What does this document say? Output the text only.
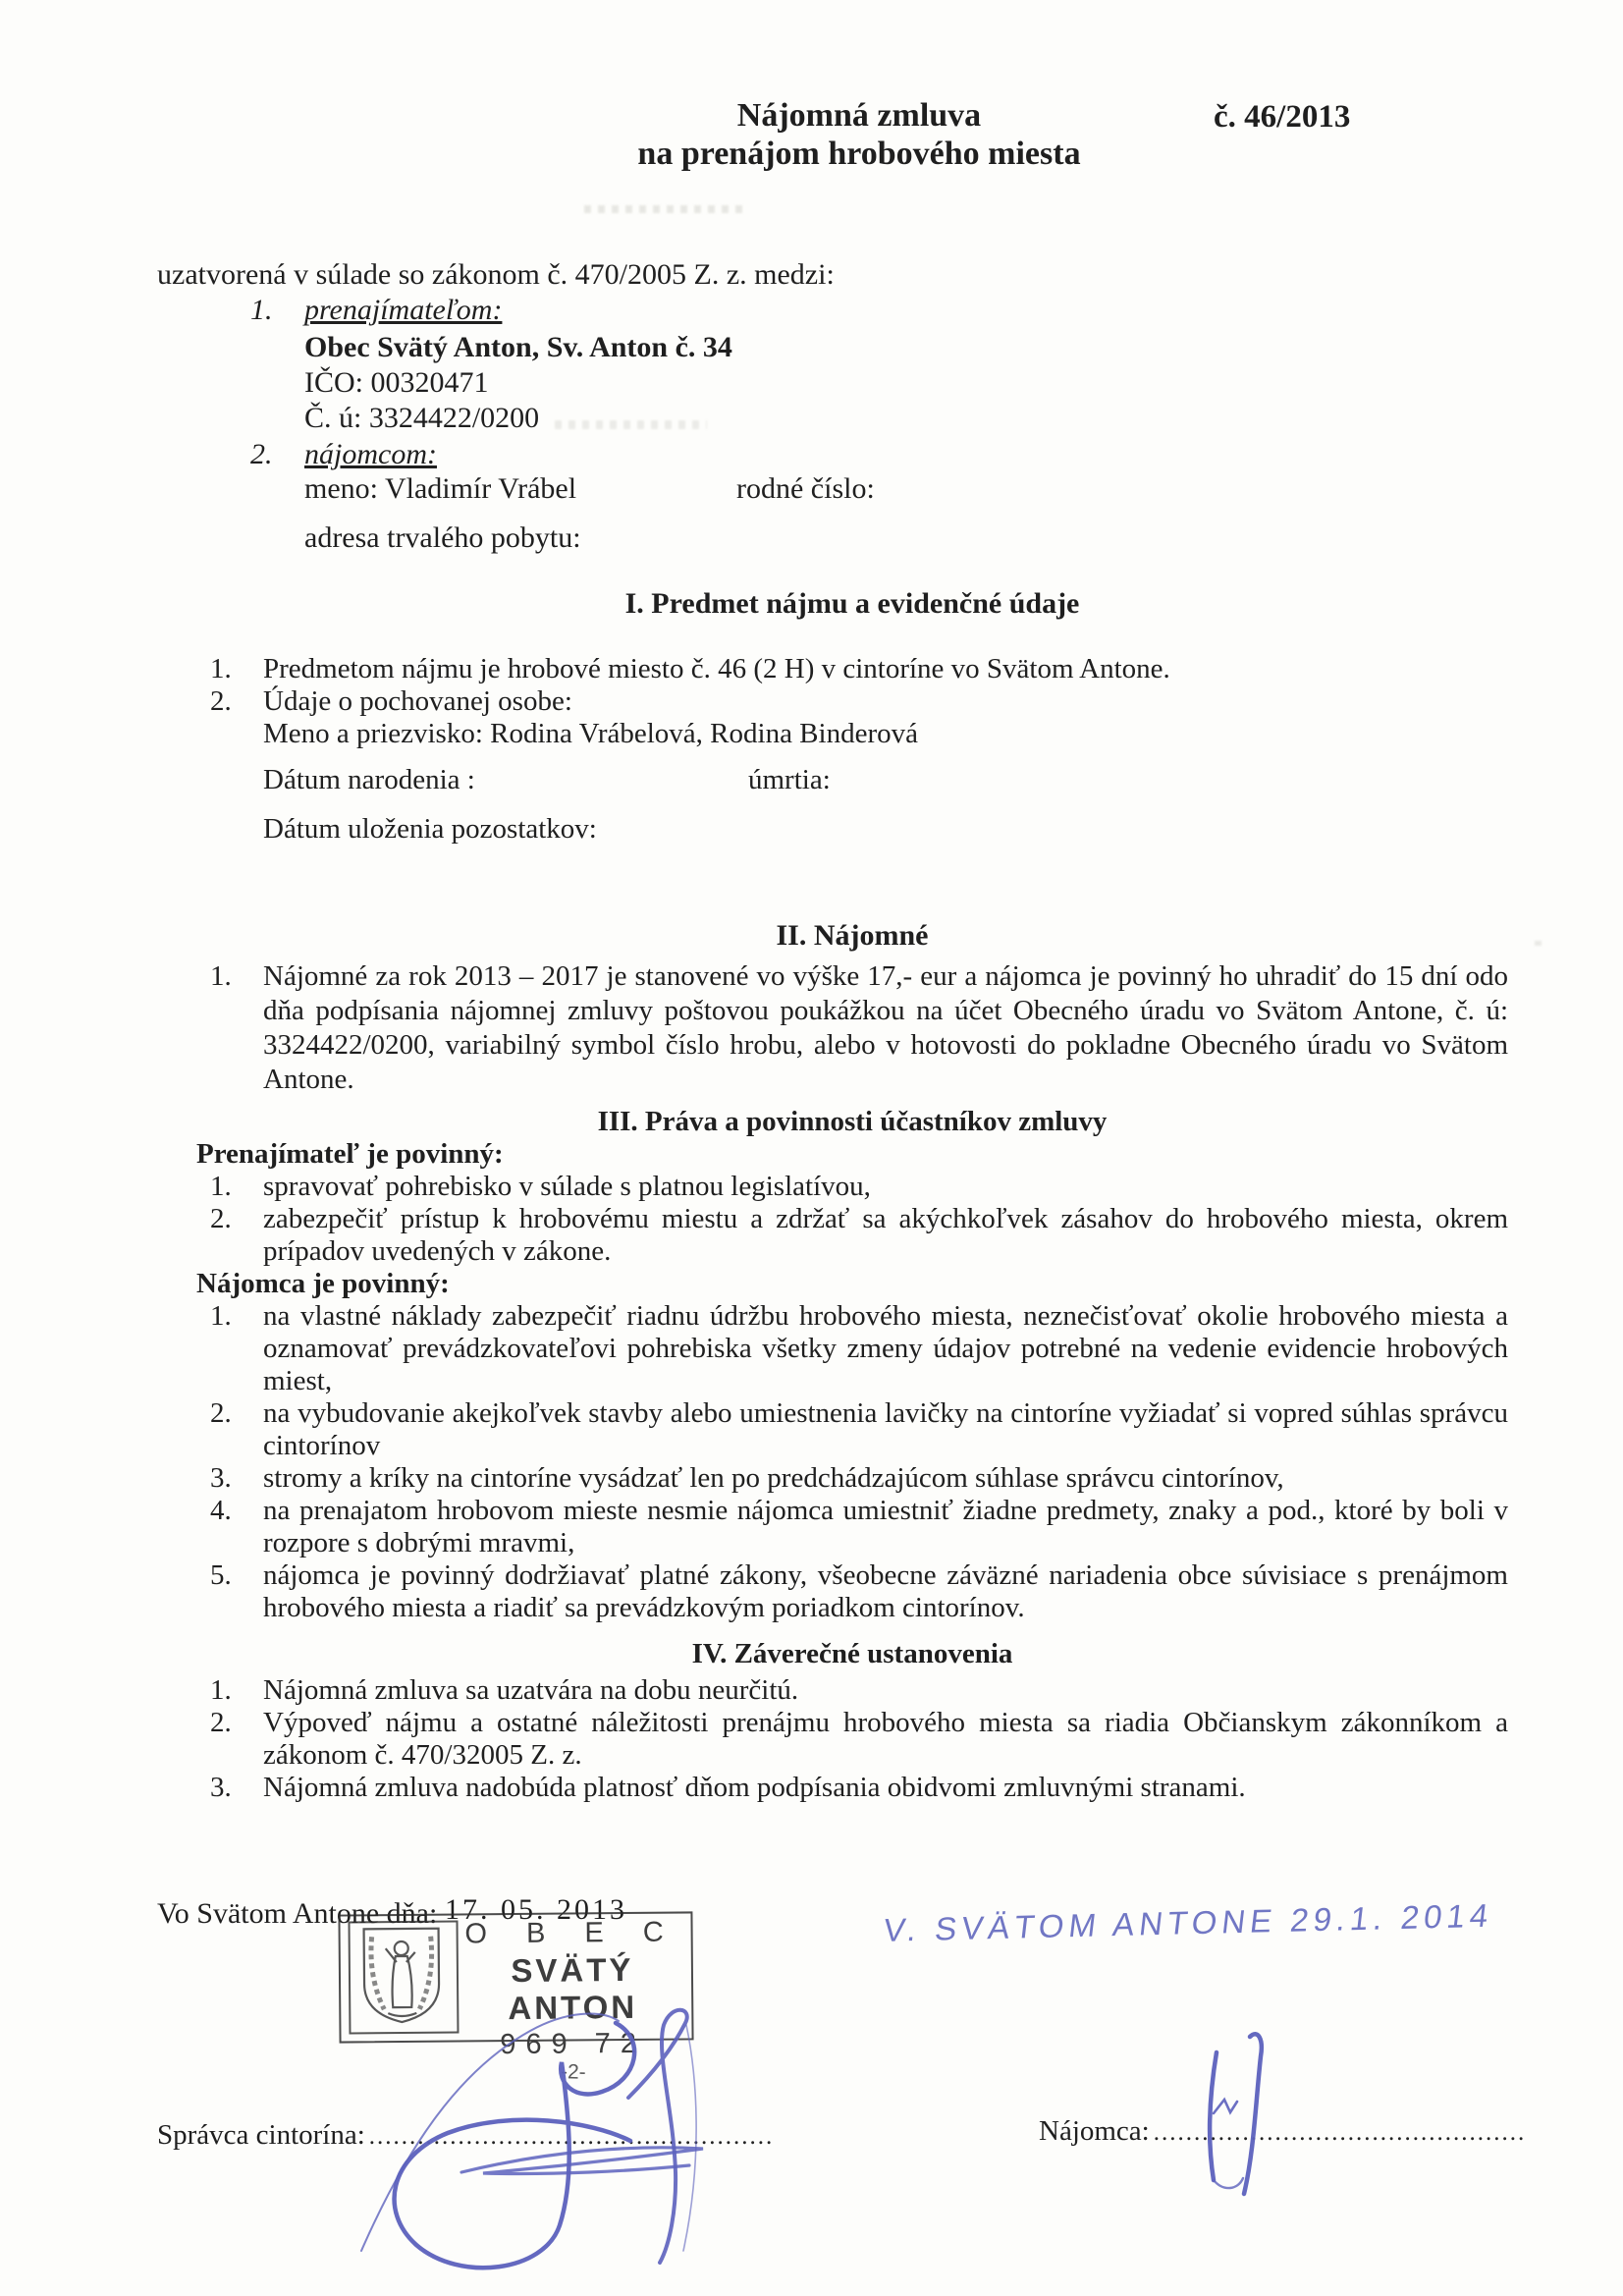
Nájomná zmluva
na prenájom hrobového miesta
č. 46/2013
uzatvorená v súlade so zákonom č. 470/2005 Z. z. medzi:
1. prenajímateľom:
Obec Svätý Anton, Sv. Anton č. 34
IČO: 00320471
Č. ú: 3324422/0200
2. nájomcom:
meno: Vladimír Vrábel	rodné číslo:
adresa trvalého pobytu:

I. Predmet nájmu a evidenčné údaje

1. Predmetom nájmu je hrobové miesto č. 46 (2 H) v cintoríne vo Svätom Antone.

2. Údaje o pochovanej osobe:

Meno a priezvisko: Rodina Vrábelová, Rodina Binderová

Dátum narodenia :	úmrtia:

Dátum uloženia pozostatkov:

II. Nájomné

1. Nájomné za rok 2013 – 2017 je stanovené vo výške 17,- eur a nájomca je povinný ho uhradiť do 15 dní odo dňa podpísania nájomnej zmluvy poštovou poukážkou na účet Obecného úradu vo Svätom Antone, č. ú: 3324422/0200, variabilný symbol číslo hrobu, alebo v hotovosti do pokladne Obecného úradu vo Svätom Antone.

III. Práva a povinnosti účastníkov zmluvy

Prenajímateľ je povinný:

1. spravovať pohrebisko v súlade s platnou legislatívou,

2. zabezpečiť prístup k hrobovému miestu a zdržať sa akýchkoľvek zásahov do hrobového miesta, okrem prípadov uvedených v zákone.

Nájomca je povinný:

1. na vlastné náklady zabezpečiť riadnu údržbu hrobového miesta, neznečisťovať okolie hrobového miesta a oznamovať prevádzkovateľovi pohrebiska všetky zmeny údajov potrebné na vedenie evidencie hrobových miest,

2. na vybudovanie akejkoľvek stavby alebo umiestnenia lavičky na cintoríne vyžiadať si vopred súhlas správcu cintorínov

3. stromy a kríky na cintoríne vysádzať len po predchádzajúcom súhlase správcu cintorínov,

4. na prenajatom hrobovom mieste nesmie nájomca umiestniť žiadne predmety, znaky a pod., ktoré by boli v rozpore s dobrými mravmi,

5. nájomca je povinný dodržiavať platné zákony, všeobecne záväzné nariadenia obce súvisiace s prenájmom hrobového miesta a riadiť sa prevádzkovým poriadkom cintorínov.

IV. Záverečné ustanovenia

1. Nájomná zmluva sa uzatvára na dobu neurčitú.

2. Výpoveď nájmu a ostatné náležitosti prenájmu hrobového miesta sa riadia Občianskym zákonníkom a zákonom č. 470/32005 Z. z.

3. Nájomná zmluva nadobúda platnosť dňom podpísania obidvomi zmluvnými stranami.

Vo Svätom Antone dňa: 17. 05. 2013
O B E C
SVÄTÝ ANTON
969 72
-2-
V. SVÄTOM ANTONE 29.1. 2014
Správca cintorína: ..................................................	Nájomca: ..............................................
